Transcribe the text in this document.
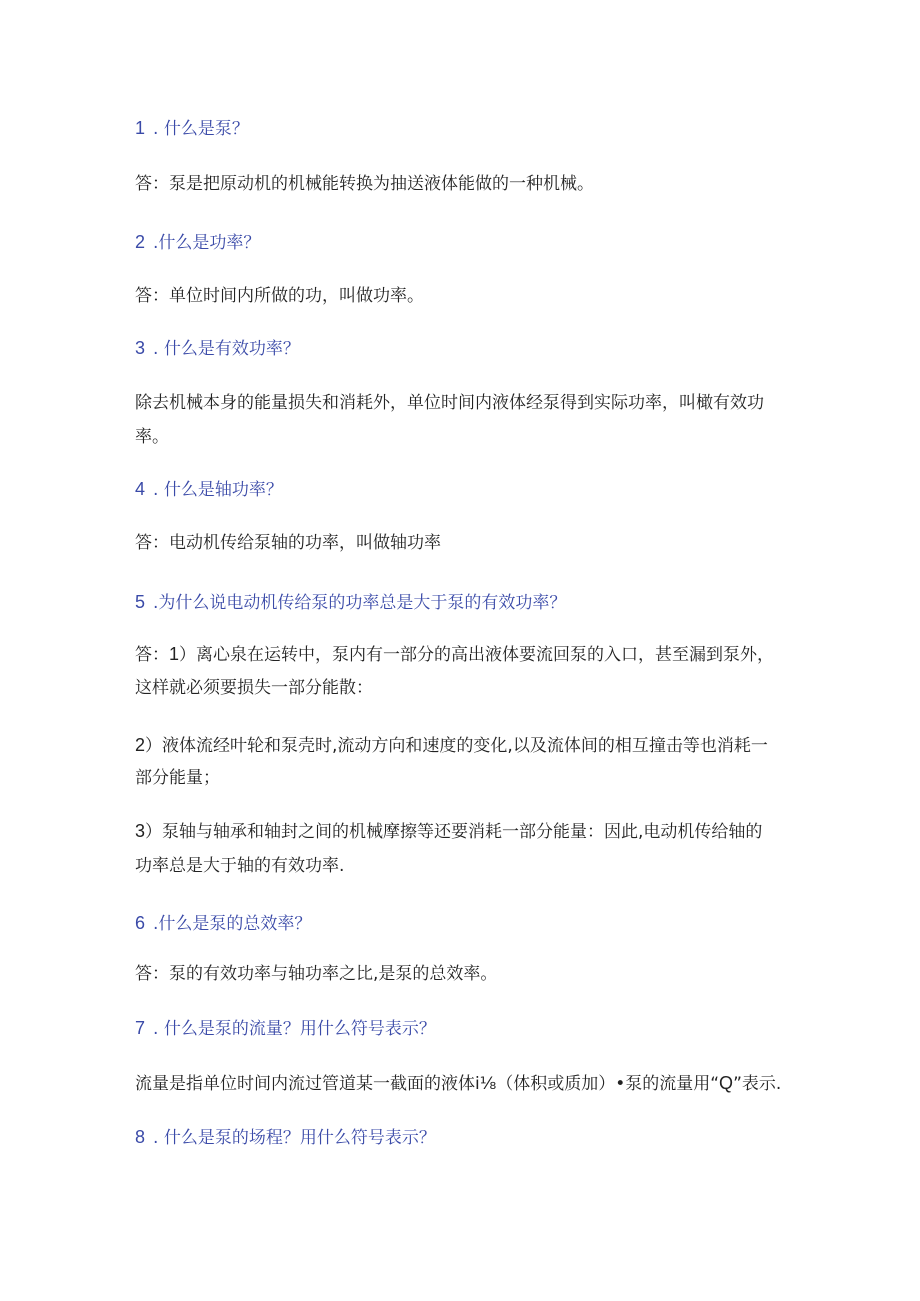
1 . 什么是泵？

答：泵是把原动机的机械能转换为抽送液体能做的一种机械。

2 .什么是功率？

答：单位时间内所做的功，叫做功率。

3 . 什么是有效功率？

除去机械本身的能量损失和消耗外，单位时间内液体经泵得到实际功率，叫橄有效功

率。

4 . 什么是轴功率？

答：电动机传给泵轴的功率，叫做轴功率

5 .为什么说电动机传给泵的功率总是大于泵的有效功率？

答：1）离心泉在运转中，泵内有一部分的高出液体要流回泵的入口，甚至漏到泵外，

这样就必须要损失一部分能散：

2）液体流经叶轮和泵壳时,流动方向和速度的变化,以及流体间的相互撞击等也消耗一

部分能量；

3）泵轴与轴承和轴封之间的机械摩擦等还要消耗一部分能量：因此,电动机传给轴的

功率总是大于轴的有效功率.

6 .什么是泵的总效率？

答：泵的有效功率与轴功率之比,是泵的总效率。

7 . 什么是泵的流量？用什么符号表示？

流量是指单位时间内流过管道某一截面的液体i⅛（体积或质加）•泵的流量用“Q”表示.

8 . 什么是泵的场程？用什么符号表示？
